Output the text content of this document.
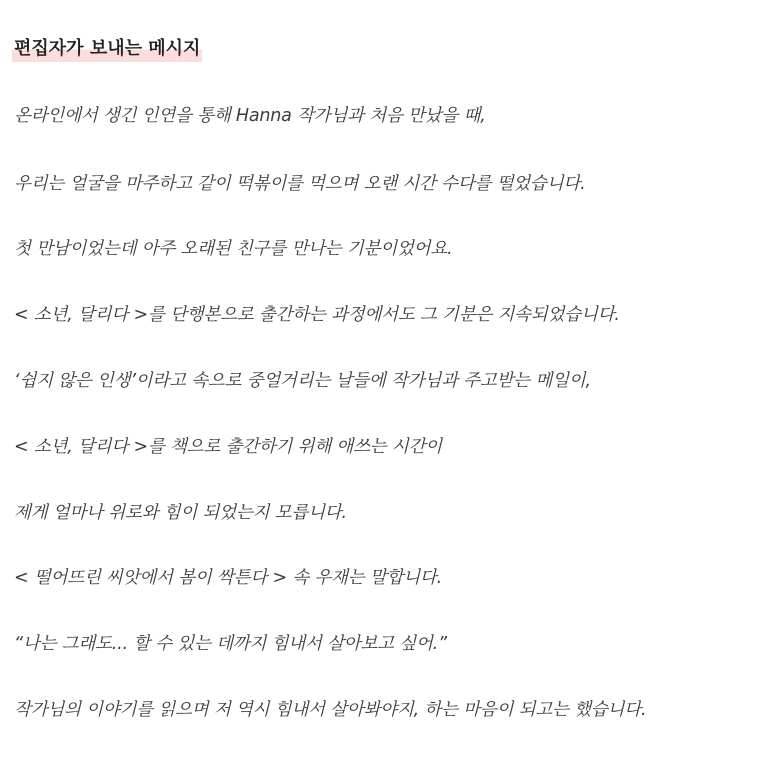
편집자가 보내는 메시지
온라인에서 생긴 인연을 통해 Hanna 작가님과 처음 만났을 때,
우리는 얼굴을 마주하고 같이 떡볶이를 먹으며 오랜 시간 수다를 떨었습니다.
첫 만남이었는데 아주 오래된 친구를 만나는 기분이었어요.
< 소년, 달리다 >를 단행본으로 출간하는 과정에서도 그 기분은 지속되었습니다.
‘쉽지 않은 인생’이라고 속으로 중얼거리는 날들에 작가님과 주고받는 메일이,
< 소년, 달리다 >를 책으로 출간하기 위해 애쓰는 시간이
제게 얼마나 위로와 힘이 되었는지 모릅니다.
< 떨어뜨린 씨앗에서 봄이 싹튼다 > 속 우재는 말합니다.
“나는 그래도... 할 수 있는 데까지 힘내서 살아보고 싶어.”
작가님의 이야기를 읽으며 저 역시 힘내서 살아봐야지, 하는 마음이 되고는 했습니다.
